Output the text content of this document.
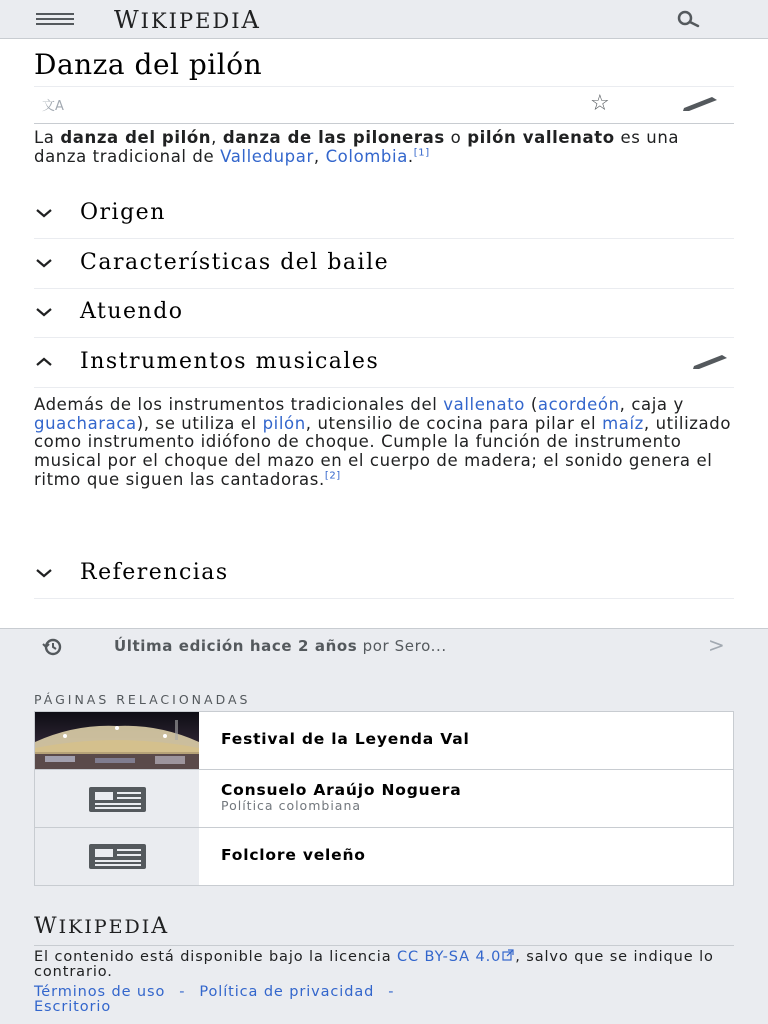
WIKIPEDIA
Danza del pilón
文A	☆

La danza del pilón, danza de las piloneras o pilón vallenato es una danza tradicional de Valledupar, Colombia.[1]

Origen
Características del baile
Atuendo
Instrumentos musicales

Además de los instrumentos tradicionales del vallenato (acordeón, caja y guacharaca), se utiliza el pilón, utensilio de cocina para pilar el maíz, utilizado como instrumento idiófono de choque. Cumple la función de instrumento musical por el choque del mazo en el cuerpo de madera; el sonido genera el ritmo que siguen las cantadoras.[2]

Referencias
Última edición hace 2 años por Sero...	>
PÁGINAS RELACIONADAS
Festival de la Leyenda Val
Consuelo Araújo Noguera
Política colombiana
Folclore veleño
WIKIPEDIA

El contenido está disponible bajo la licencia CC BY-SA 4.0 , salvo que se indique lo contrario.

Términos de uso - Política de privacidad -
Escritorio
